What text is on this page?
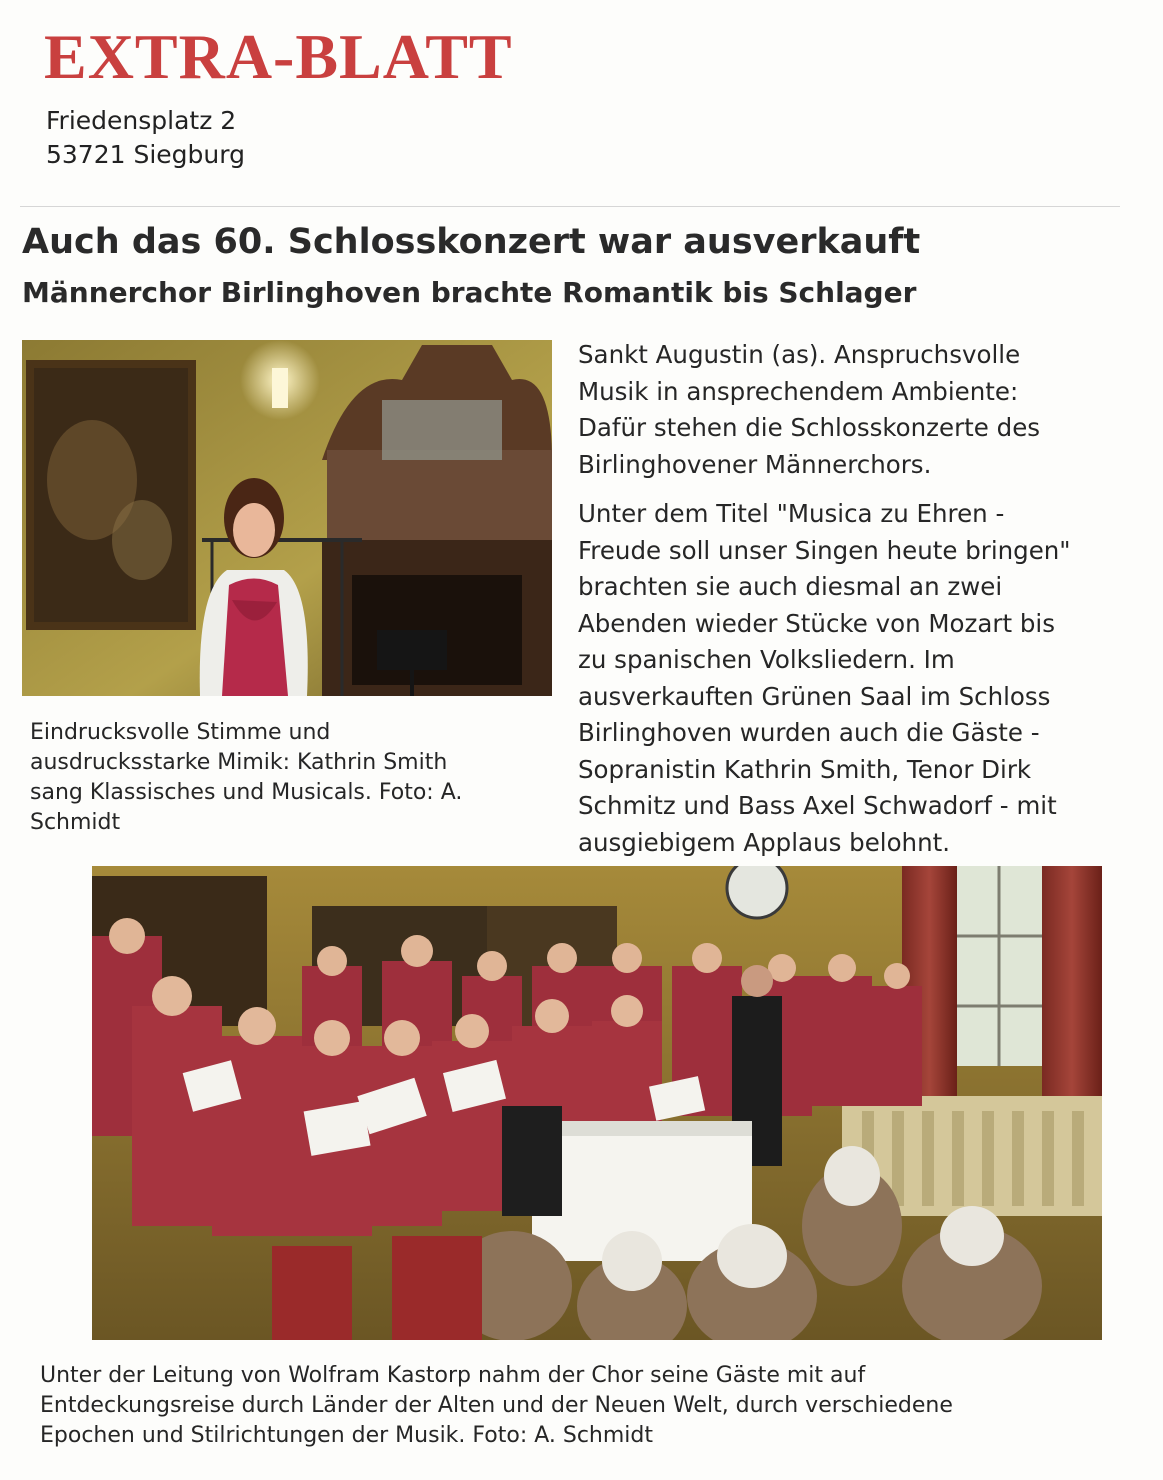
EXTRA-BLATT
Friedensplatz 2
53721 Siegburg
Auch das 60. Schlosskonzert war ausverkauft
Männerchor Birlinghoven brachte Romantik bis Schlager
Eindrucksvolle Stimme und
ausdrucksstarke Mimik: Kathrin Smith
sang Klassisches und Musicals. Foto: A.
Schmidt

Sankt Augustin (as). Anspruchsvolle
Musik in ansprechendem Ambiente:
Dafür stehen die Schlosskonzerte des
Birlinghovener Männerchors.

Unter dem Titel "Musica zu Ehren -
Freude soll unser Singen heute bringen"
brachten sie auch diesmal an zwei
Abenden wieder Stücke von Mozart bis
zu spanischen Volksliedern. Im
ausverkauften Grünen Saal im Schloss
Birlinghoven wurden auch die Gäste -
Sopranistin Kathrin Smith, Tenor Dirk
Schmitz und Bass Axel Schwadorf - mit
ausgiebigem Applaus belohnt.

Unter der Leitung von Wolfram Kastorp nahm der Chor seine Gäste mit auf
Entdeckungsreise durch Länder der Alten und der Neuen Welt, durch verschiedene
Epochen und Stilrichtungen der Musik. Foto: A. Schmidt
